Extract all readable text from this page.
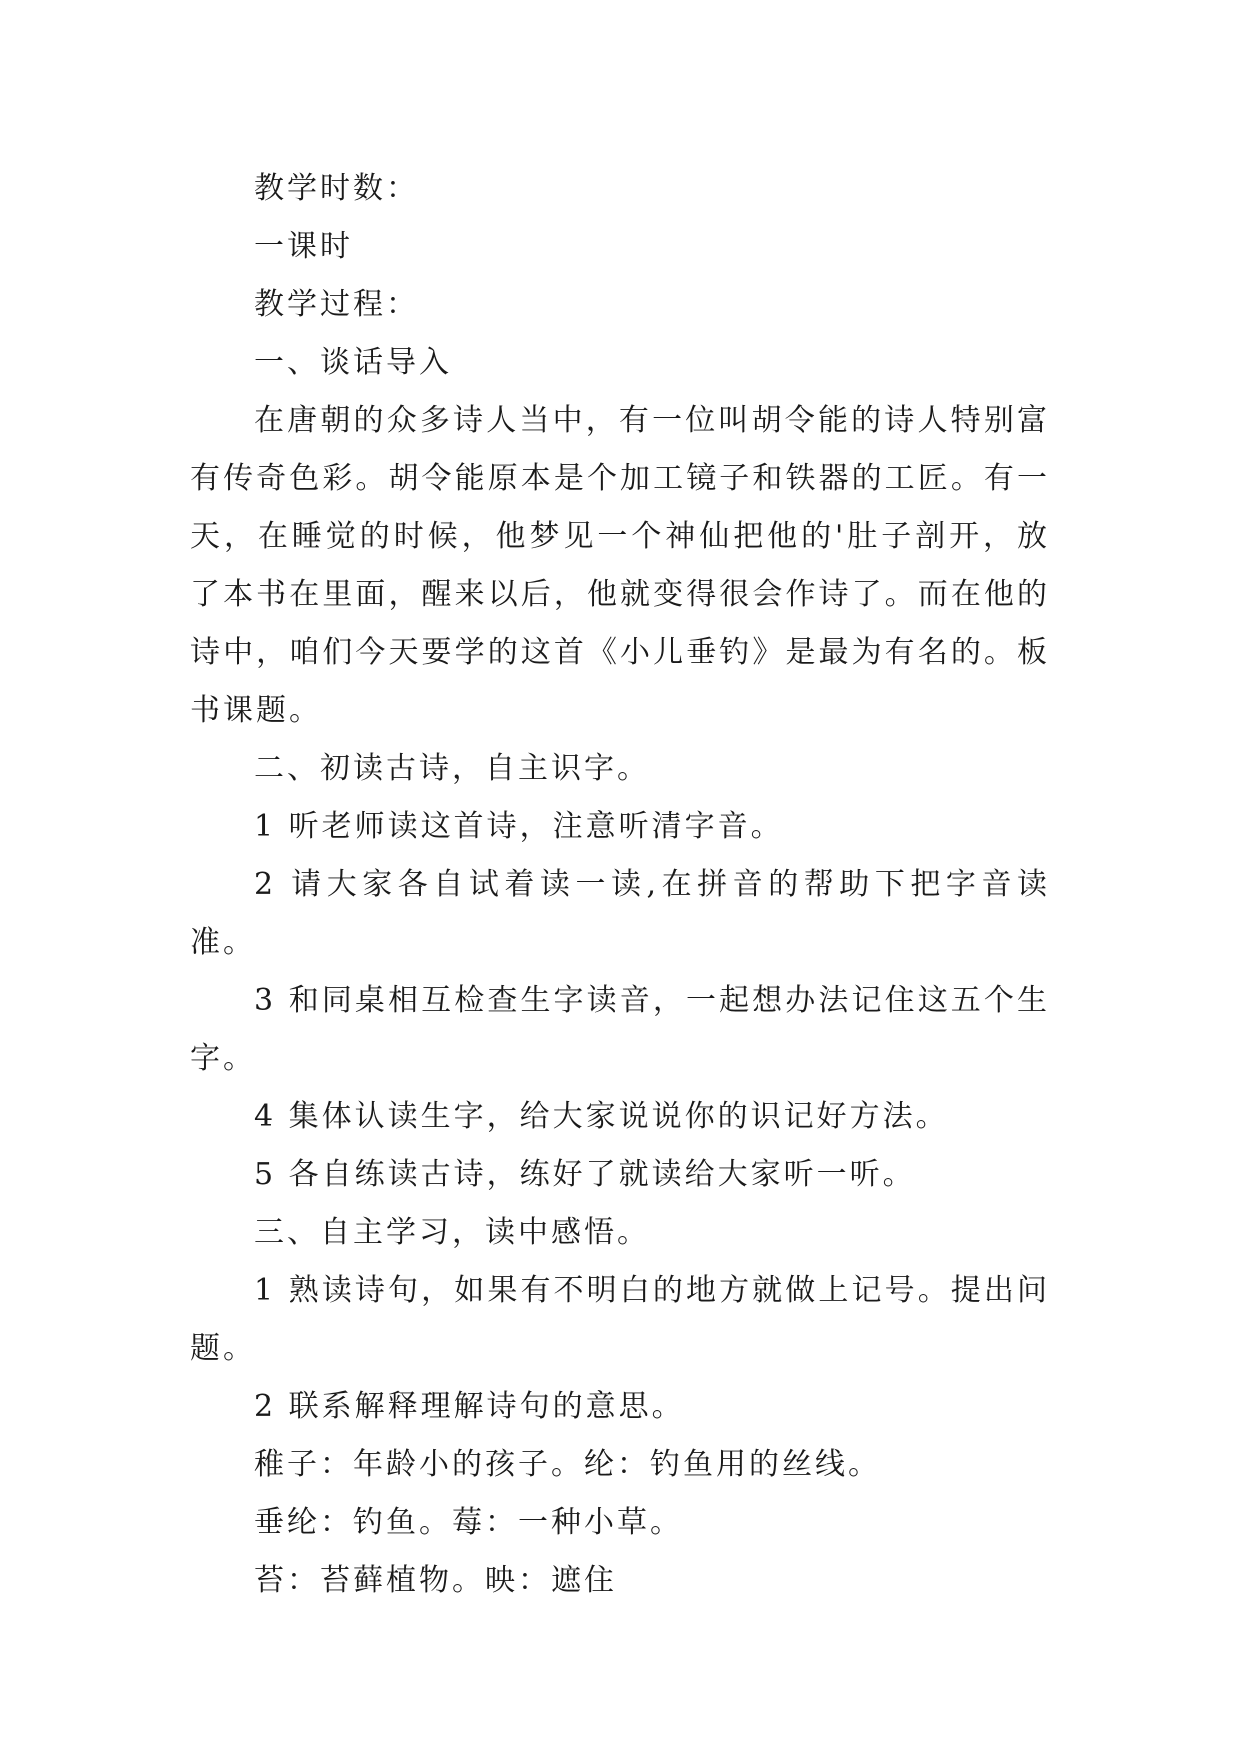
教学时数：

一课时

教学过程：

一、谈话导入

在唐朝的众多诗人当中，有一位叫胡令能的诗人特别富有传奇色彩。胡令能原本是个加工镜子和铁器的工匠。有一天，在睡觉的时候，他梦见一个神仙把他的'肚子剖开，放了本书在里面，醒来以后，他就变得很会作诗了。而在他的诗中，咱们今天要学的这首《小儿垂钓》是最为有名的。板书课题。

二、初读古诗，自主识字。

1 听老师读这首诗，注意听清字音。

2 请大家各自试着读一读,在拼音的帮助下把字音读准。

3 和同桌相互检查生字读音，一起想办法记住这五个生字。

4 集体认读生字，给大家说说你的识记好方法。

5 各自练读古诗，练好了就读给大家听一听。

三、自主学习，读中感悟。

1 熟读诗句，如果有不明白的地方就做上记号。提出问题。

2 联系解释理解诗句的意思。

稚子：年龄小的孩子。纶：钓鱼用的丝线。

垂纶：钓鱼。莓：一种小草。

苔：苔藓植物。映：遮住
